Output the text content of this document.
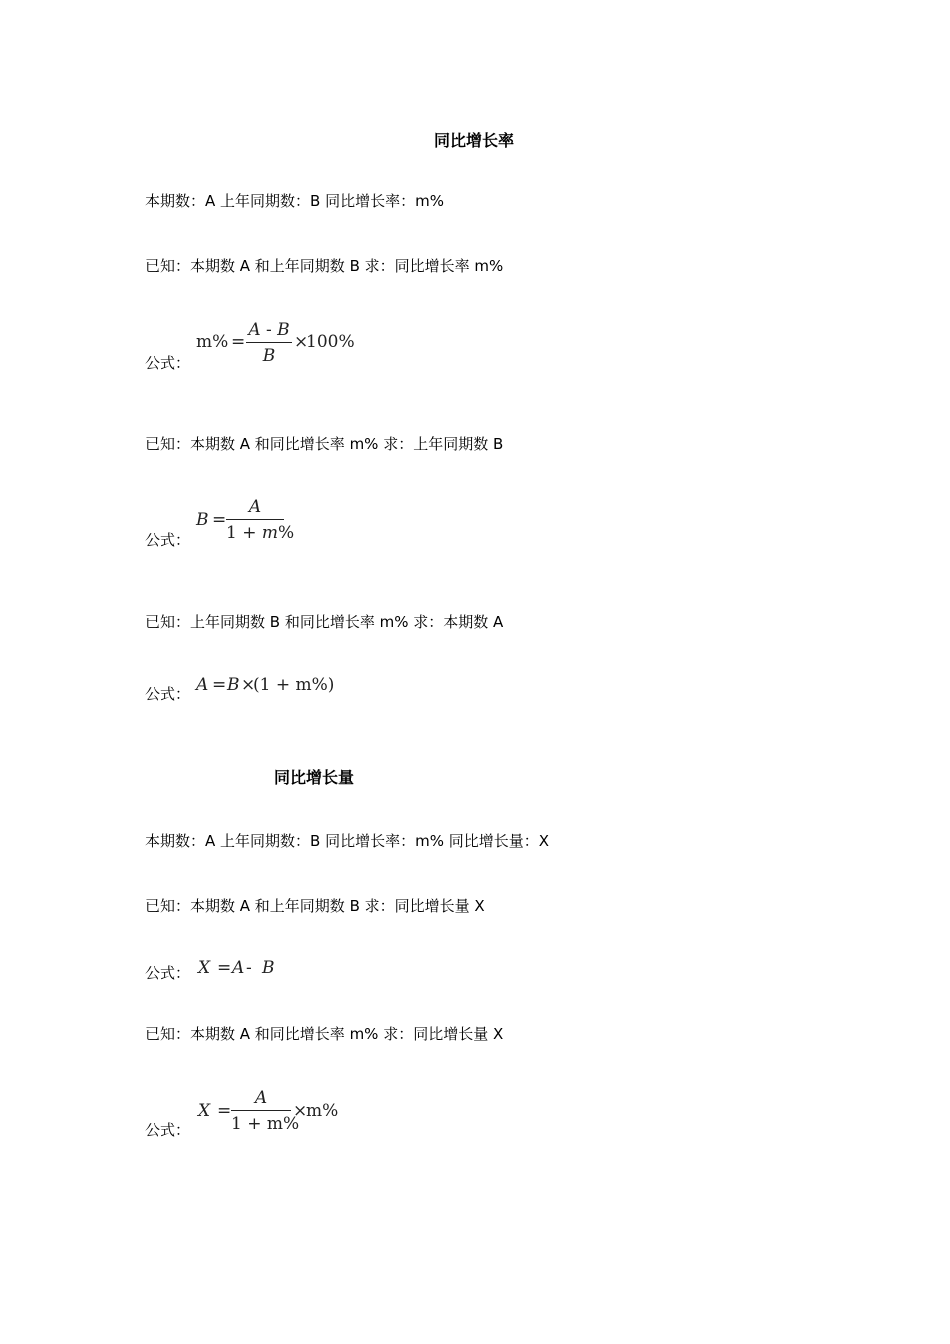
同比增长率
本期数：A 上年同期数：B 同比增长率：m%
已知：本期数 A 和上年同期数 B 求：同比增长率 m%
公式：
m% =
A - B
B
×
100%
已知：本期数 A 和同比增长率 m% 求：上年同期数 B
公式：
B =
A
1 + m%
已知：上年同期数 B 和同比增长率 m% 求：本期数 A
公式： A = B ×
(1 + m%)
同比增长量
本期数：A 上年同期数：B 同比增长率：m% 同比增长量：X
已知：本期数 A 和上年同期数 B 求：同比增长量 X
公式： X = A - B
已知：本期数 A 和同比增长率 m% 求：同比增长量 X
公式：
X =
A
1 + m%
×
m%
